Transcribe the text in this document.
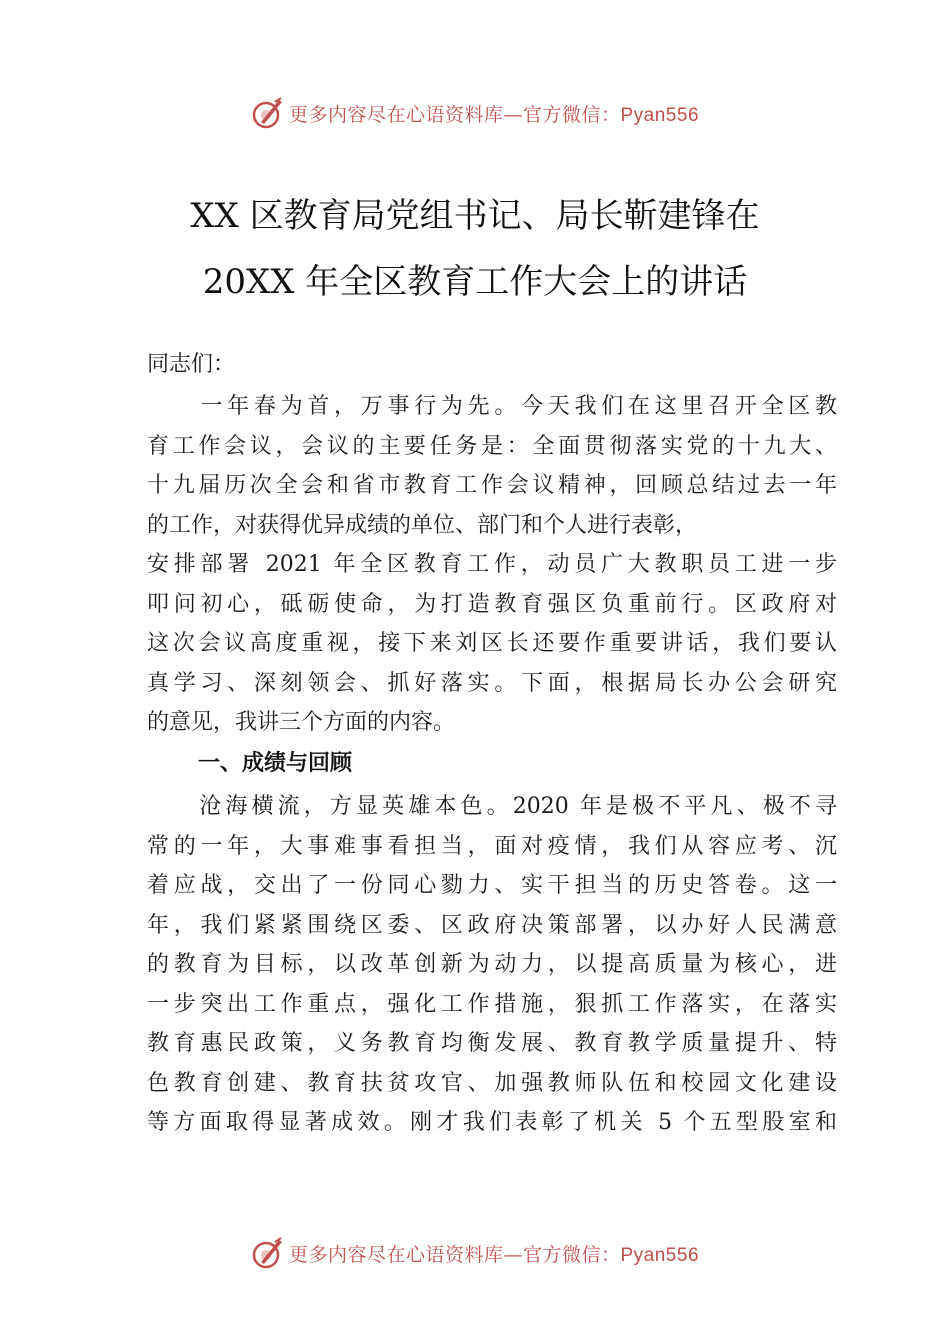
更多内容尽在心语资料库—官方微信：Pyan556
XX 区教育局党组书记、局长靳建锋在
20XX 年全区教育工作大会上的讲话
同志们：
　　一年春为首，万事行为先。今天我们在这里召开全区教
育工作会议，会议的主要任务是：全面贯彻落实党的十九大、
十九届历次全会和省市教育工作会议精神，回顾总结过去一年
的工作，对获得优异成绩的单位、部门和个人进行表彰，
安排部署 2021 年全区教育工作，动员广大教职员工进一步
叩问初心，砥砺使命，为打造教育强区负重前行。区政府对
这次会议高度重视，接下来刘区长还要作重要讲话，我们要认
真学习、深刻领会、抓好落实。下面，根据局长办公会研究
的意见，我讲三个方面的内容。
一、成绩与回顾
　　沧海横流，方显英雄本色。2020 年是极不平凡、极不寻
常的一年，大事难事看担当，面对疫情，我们从容应考、沉
着应战，交出了一份同心勠力、实干担当的历史答卷。这一
年，我们紧紧围绕区委、区政府决策部署，以办好人民满意
的教育为目标，以改革创新为动力，以提高质量为核心，进
一步突出工作重点，强化工作措施，狠抓工作落实，在落实
教育惠民政策，义务教育均衡发展、教育教学质量提升、特
色教育创建、教育扶贫攻官、加强教师队伍和校园文化建设
等方面取得显著成效。刚才我们表彰了机关 5 个五型股室和
更多内容尽在心语资料库—官方微信：Pyan556
